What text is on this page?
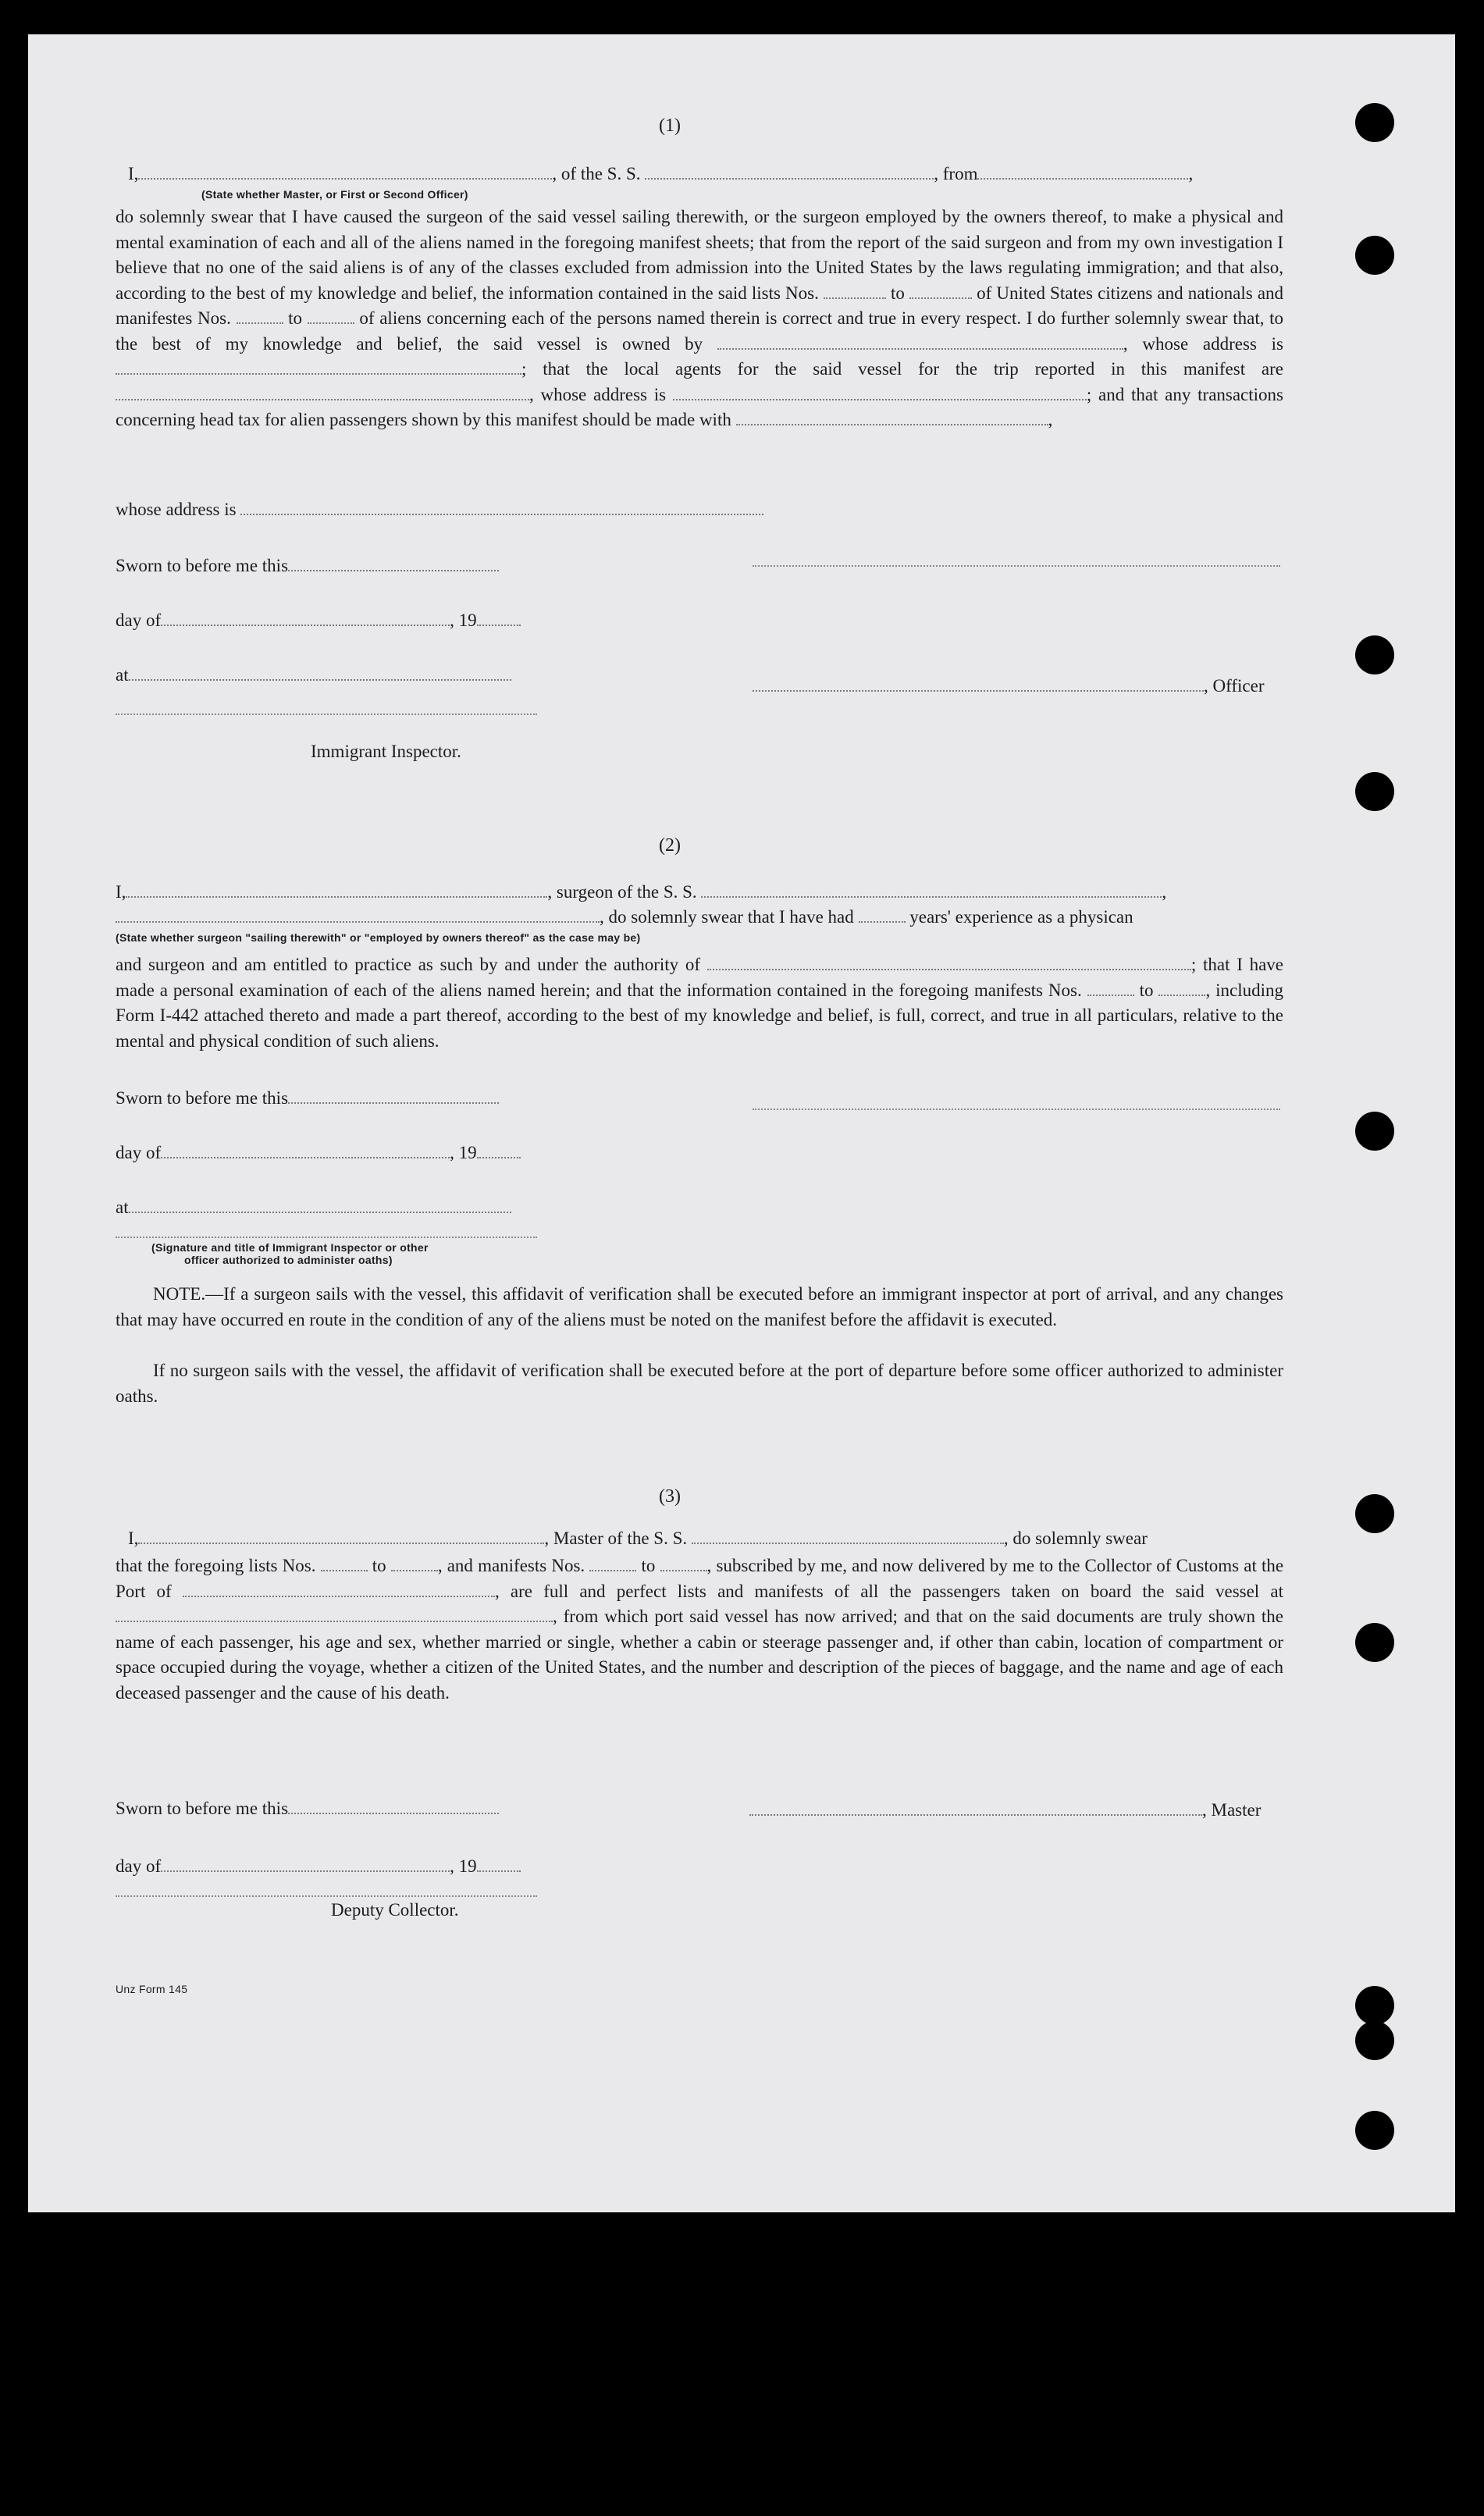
(1)
I,	, of the S. S.	, from	,
(State whether Master, or First or Second Officer)
do solemnly swear that I have caused the surgeon of the said vessel sailing therewith, or the surgeon employed by the owners thereof, to make a physical and mental examination of each and all of the aliens named in the foregoing manifest sheets; that from the report of the said surgeon and from my own investigation I believe that no one of the said aliens is of any of the classes excluded from admission into the United States by the laws regulating immigration; and that also, according to the best of my knowledge and belief, the information contained in the said lists Nos.	to	of United States citizens and nationals and manifestes Nos.	to	of aliens concerning each of the persons named therein is correct and true in every respect. I do further solemnly swear that, to the best of my knowledge and belief, the said vessel is owned by	, whose address is ; that the local agents for the said vessel for the trip reported in this manifest are , whose address is	; and that any transactions concerning head tax for alien passengers shown by this manifest should be made with	,
whose address is
Sworn to before me this
day of	, 19
at
, Officer
Immigrant Inspector.
(2)
I,	, surgeon of the S. S.	,
, do solemnly swear that I have had	years' experience as a physican
(State whether surgeon "sailing therewith" or "employed by owners thereof" as the case may be)
and surgeon and am entitled to practice as such by and under the authority of	; that I have made a personal examination of each of the aliens named herein; and that the information contained in the foregoing manifests Nos.	to	, including Form I-442 attached thereto and made a part thereof, according to the best of my knowledge and belief, is full, correct, and true in all particulars, relative to the mental and physical condition of such aliens.
Sworn to before me this
day of	, 19
at
(Signature and title of Immigrant Inspector or other
officer authorized to administer oaths)
NOTE.—If a surgeon sails with the vessel, this affidavit of verification shall be executed before an immigrant inspector at port of arrival, and any changes that may have occurred en route in the condition of any of the aliens must be noted on the manifest before the affidavit is executed.
If no surgeon sails with the vessel, the affidavit of verification shall be executed before at the port of departure before some officer authorized to administer oaths.
(3)
I,	, Master of the S. S.	, do solemnly swear
that the foregoing lists Nos.	to	, and manifests Nos.	to	, subscribed by me, and now delivered by me to the Collector of Customs at the Port of	, are full and perfect lists and manifests of all the passengers taken on board the said vessel at , from which port said vessel has now arrived; and that on the said documents are truly shown the name of each passenger, his age and sex, whether married or single, whether a cabin or steerage passenger and, if other than cabin, location of compartment or space occupied during the voyage, whether a citizen of the United States, and the number and description of the pieces of baggage, and the name and age of each deceased passenger and the cause of his death.
Sworn to before me this	, Master
day of	, 19
Deputy Collector.
Unz Form 145
